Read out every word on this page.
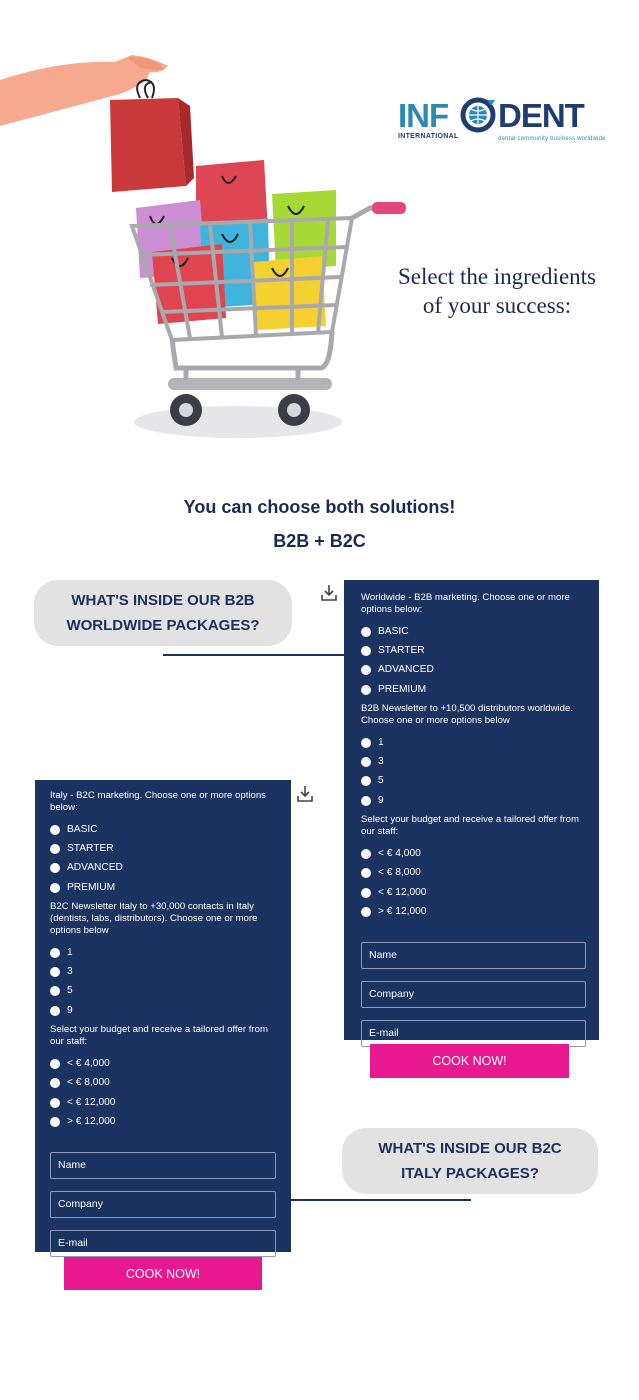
INF DENT
INTERNATIONAL	dental community business worldwide
Select the ingredients
of your success:
You can choose both solutions!
B2B + B2C
WHAT'S INSIDE OUR B2B
WORLDWIDE PACKAGES?
Worldwide - B2B marketing. Choose one or more options below:
BASIC
STARTER
ADVANCED
PREMIUM
B2B Newsletter to +10,500 distributors worldwide. Choose one or more options below
1
3
5
9
Select your budget and receive a tailored offer from our staff:
< € 4,000
< € 8,000
< € 12,000
> € 12,000
Name
Company
E-mail
COOK NOW!
Italy - B2C marketing. Choose one or more options below:
BASIC
STARTER
ADVANCED
PREMIUM
B2C Newsletter Italy to +30,000 contacts in Italy (dentists, labs, distributors). Choose one or more options below
1
3
5
9
Select your budget and receive a tailored offer from our staff:
< € 4,000
< € 8,000
< € 12,000
> € 12,000
Name
Company
E-mail
COOK NOW!
WHAT'S INSIDE OUR B2C
ITALY PACKAGES?
